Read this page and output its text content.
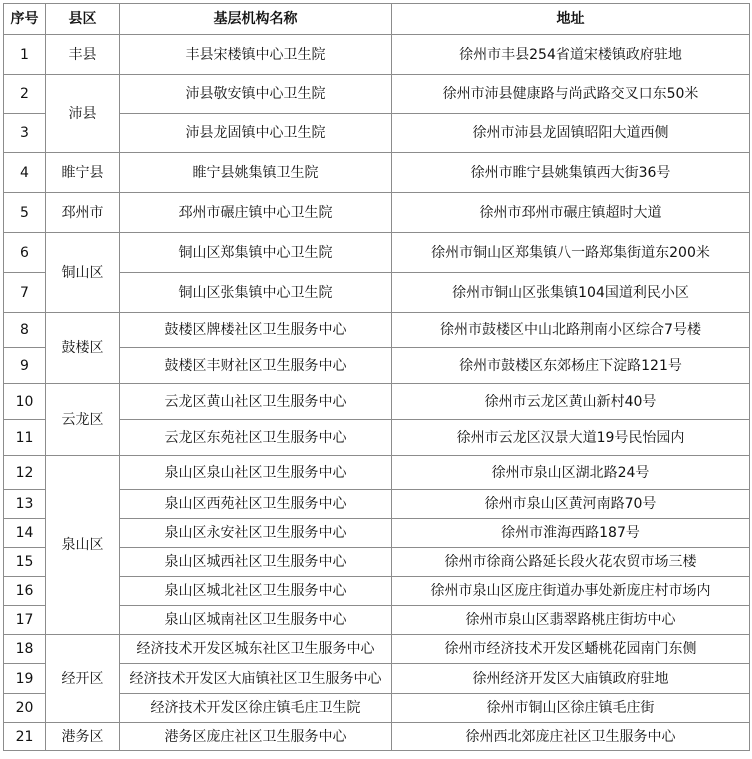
序号	县区	基层机构名称	地址
1	丰县	丰县宋楼镇中心卫生院	徐州市丰县254省道宋楼镇政府驻地
2	沛县	沛县敬安镇中心卫生院	徐州市沛县健康路与尚武路交叉口东50米
3		沛县龙固镇中心卫生院	徐州市沛县龙固镇昭阳大道西侧
4	睢宁县	睢宁县姚集镇卫生院	徐州市睢宁县姚集镇西大街36号
5	邳州市	邳州市碾庄镇中心卫生院	徐州市邳州市碾庄镇超时大道
6	铜山区	铜山区郑集镇中心卫生院	徐州市铜山区郑集镇八一路郑集街道东200米
7		铜山区张集镇中心卫生院	徐州市铜山区张集镇104国道利民小区
8	鼓楼区	鼓楼区牌楼社区卫生服务中心	徐州市鼓楼区中山北路荆南小区综合7号楼
9		鼓楼区丰财社区卫生服务中心	徐州市鼓楼区东郊杨庄下淀路121号
10	云龙区	云龙区黄山社区卫生服务中心	徐州市云龙区黄山新村40号
11		云龙区东苑社区卫生服务中心	徐州市云龙区汉景大道19号民怡园内
12	泉山区	泉山区泉山社区卫生服务中心	徐州市泉山区湖北路24号
13		泉山区西苑社区卫生服务中心	徐州市泉山区黄河南路70号
14		泉山区永安社区卫生服务中心	徐州市淮海西路187号
15		泉山区城西社区卫生服务中心	徐州市徐商公路延长段火花农贸市场三楼
16		泉山区城北社区卫生服务中心	徐州市泉山区庞庄街道办事处新庞庄村市场内
17		泉山区城南社区卫生服务中心	徐州市泉山区翡翠路桃庄街坊中心
18	经开区	经济技术开发区城东社区卫生服务中心	徐州市经济技术开发区蟠桃花园南门东侧
19		经济技术开发区大庙镇社区卫生服务中心	徐州经济开发区大庙镇政府驻地
20		经济技术开发区徐庄镇毛庄卫生院	徐州市铜山区徐庄镇毛庄街
21	港务区	港务区庞庄社区卫生服务中心	徐州西北郊庞庄社区卫生服务中心
